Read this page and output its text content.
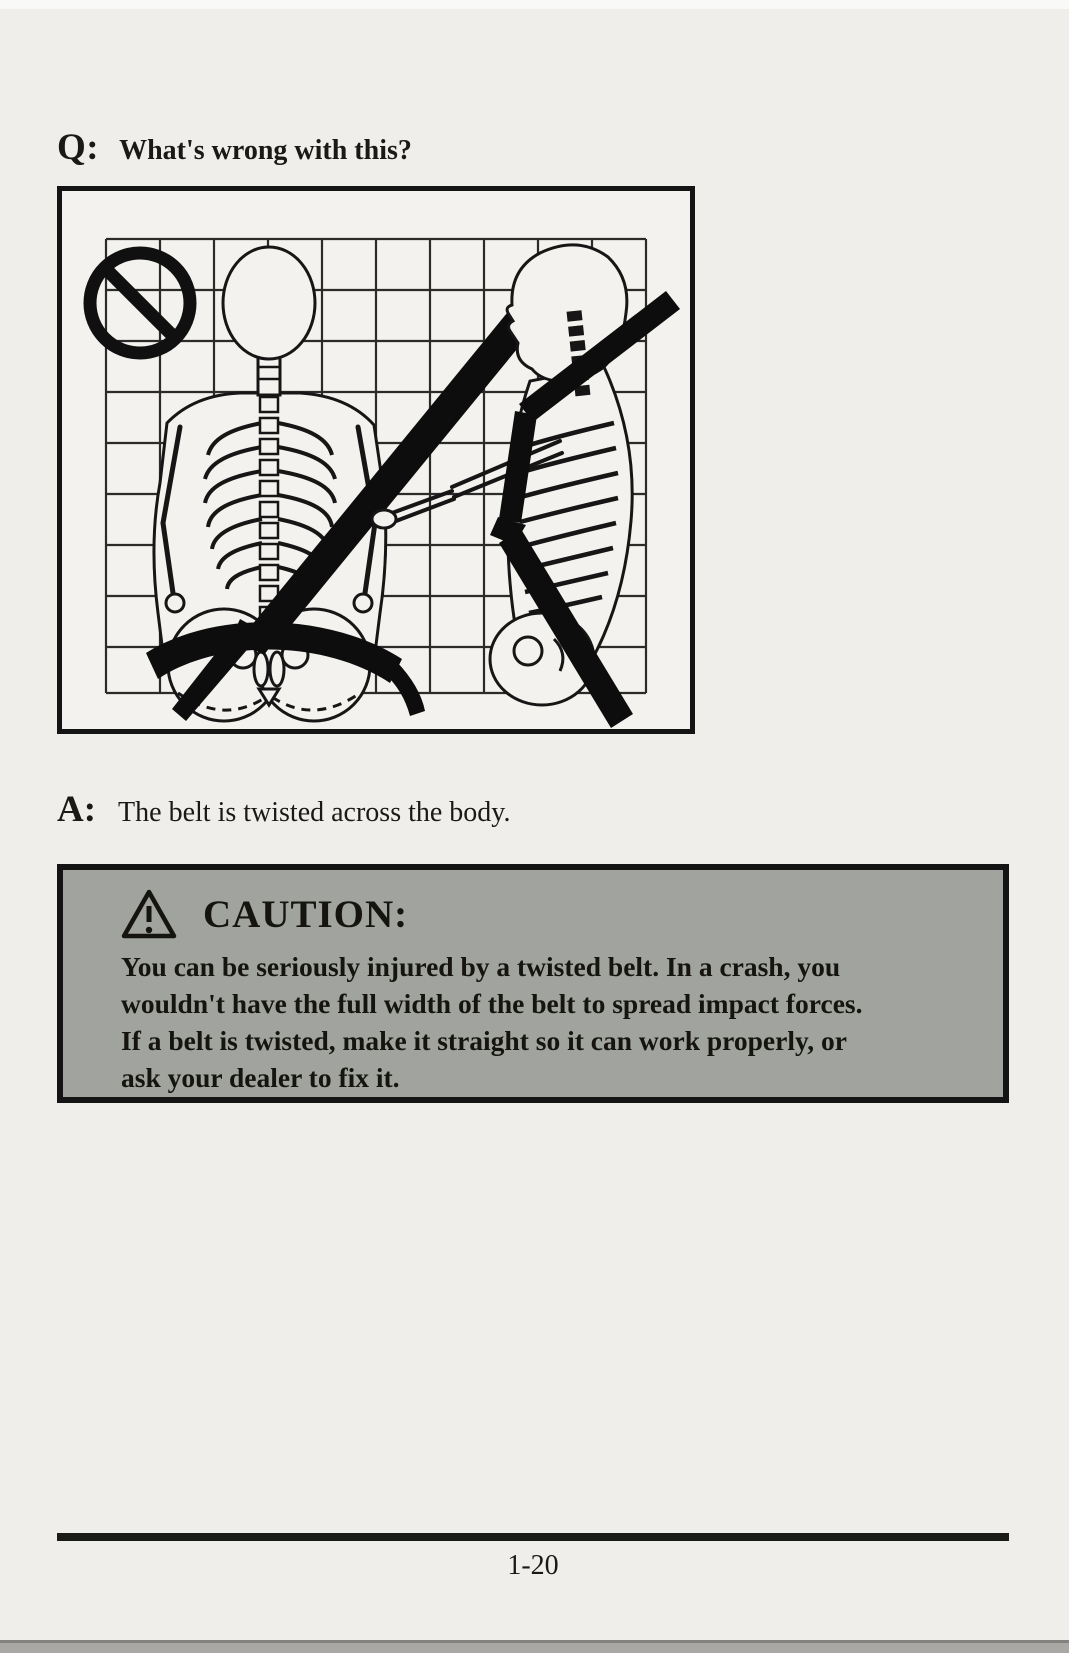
Q: What's wrong with this?
A: The belt is twisted across the body.
CAUTION:
You can be seriously injured by a twisted belt. In a crash, you
wouldn't have the full width of the belt to spread impact forces.
If a belt is twisted, make it straight so it can work properly, or
ask your dealer to fix it.
1-20
